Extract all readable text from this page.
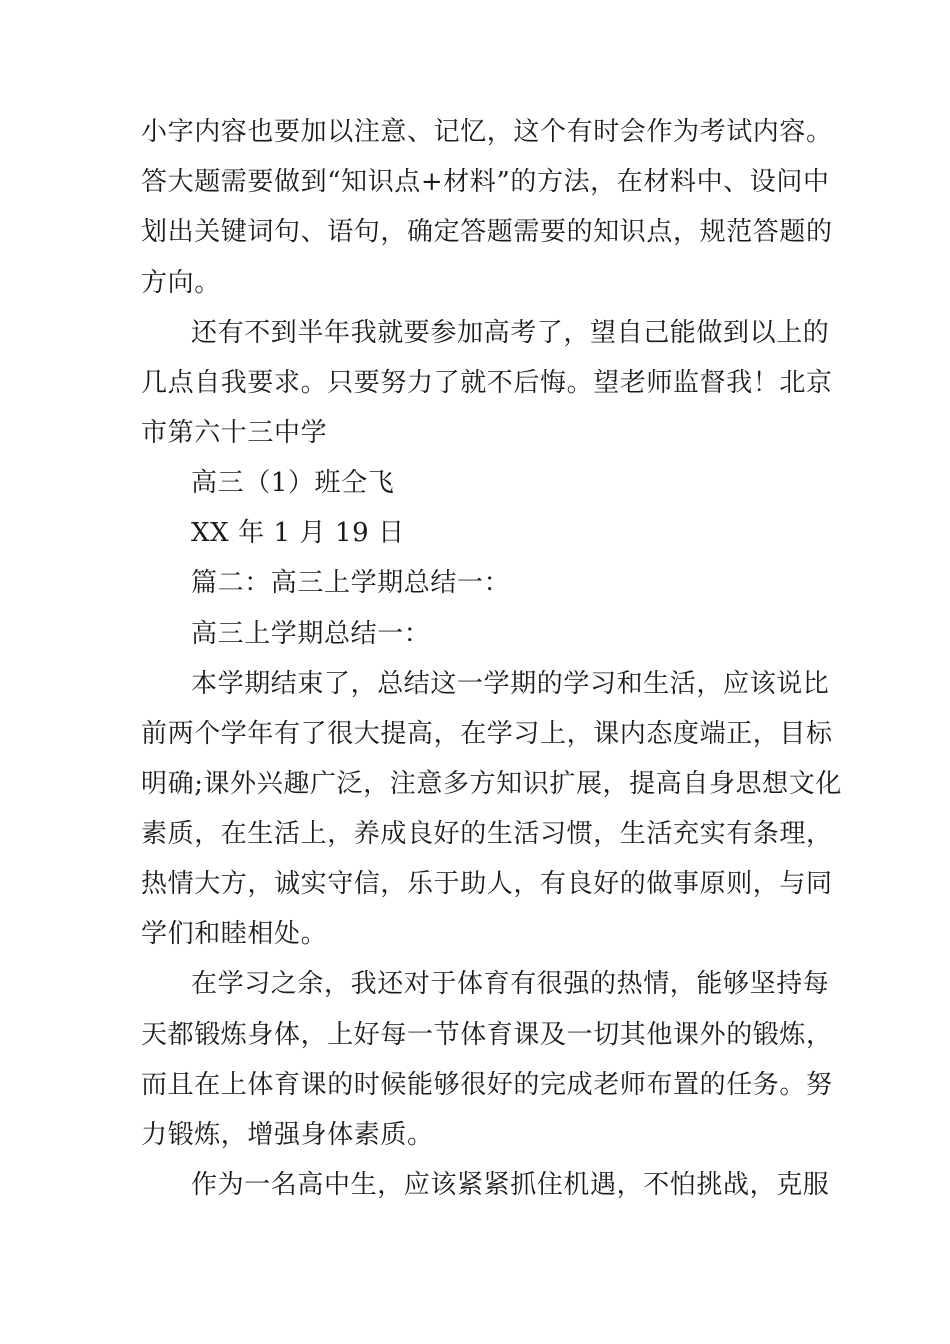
小字内容也要加以注意、记忆，这个有时会作为考试内容。
答大题需要做到“知识点+材料”的方法，在材料中、设问中
划出关键词句、语句，确定答题需要的知识点，规范答题的
方向。
还有不到半年我就要参加高考了，望自己能做到以上的
几点自我要求。只要努力了就不后悔。望老师监督我！北京
市第六十三中学
高三（1）班仝飞
XX 年 1 月 19 日
篇二：高三上学期总结一：
高三上学期总结一：
本学期结束了，总结这一学期的学习和生活，应该说比
前两个学年有了很大提高，在学习上，课内态度端正，目标
明确;课外兴趣广泛，注意多方知识扩展，提高自身思想文化
素质，在生活上，养成良好的生活习惯，生活充实有条理，
热情大方，诚实守信，乐于助人，有良好的做事原则，与同
学们和睦相处。
在学习之余，我还对于体育有很强的热情，能够坚持每
天都锻炼身体，上好每一节体育课及一切其他课外的锻炼，
而且在上体育课的时候能够很好的完成老师布置的任务。努
力锻炼，增强身体素质。
作为一名高中生，应该紧紧抓住机遇，不怕挑战，克服
